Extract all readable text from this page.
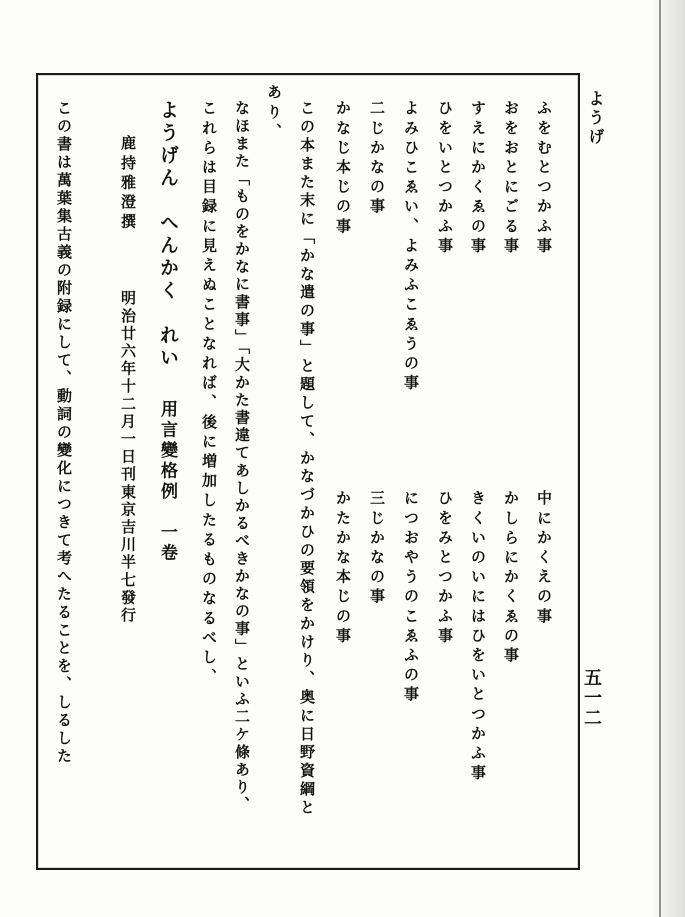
ようげ
五一二
ふをむとつかふ事
おをおとにごる事
すえにかくゑの事
ひをいとつかふ事
よみひこゑい、よみふこゑうの事
二じかなの事
かなじ本じの事
中にかくえの事
かしらにかくゑの事
きくいのいにはひをいとつかふ事
ひをみとつかふ事
につおやうのこゑふの事
三じかなの事
かたかな本じの事
この本また末に「かな遣の事」と題して、かなづかひの要領をかけり、奥に日野資綱と
あり、
なほまた「ものをかなに書事」「大かた書違てあしかるべきかなの事」といふ二ケ條あり、
これらは目録に見えぬことなれば、後に増加したるものなるべし、
ようげん　へんかく　れい
用言變格例　一卷
鹿持雅澄撰
明治廿六年十二月一日刊東京吉川半七發行
この書は萬葉集古義の附録にして、動詞の變化につきて考へたることを、しるした
